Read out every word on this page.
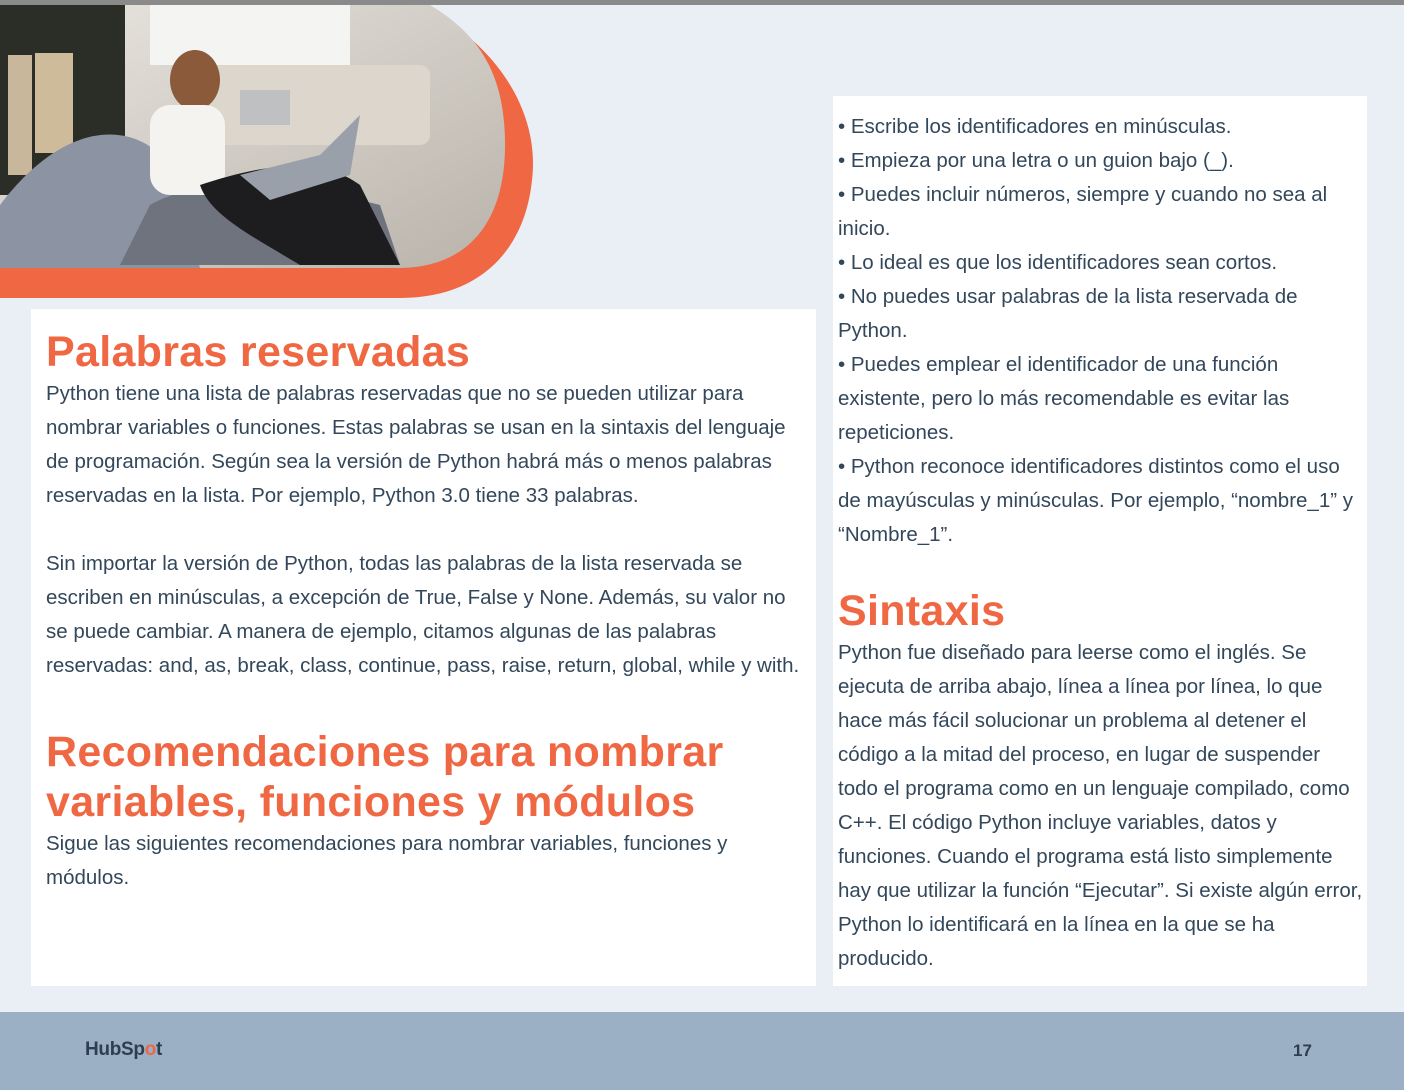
Palabras reservadas

Python tiene una lista de palabras reservadas que no se pueden utilizar para nombrar variables o funciones. Estas palabras se usan en la sintaxis del lenguaje de programación. Según sea la versión de Python habrá más o menos palabras reservadas en la lista. Por ejemplo, Python 3.0 tiene 33 palabras.

Sin importar la versión de Python, todas las palabras de la lista reservada se escriben en minúsculas, a excepción de True, False y None. Además, su valor no se puede cambiar. A manera de ejemplo, citamos algunas de las palabras reservadas: and, as, break, class, continue, pass, raise, return, global, while y with.

Recomendaciones para nombrar variables, funciones y módulos

Sigue las siguientes recomendaciones para nombrar variables, funciones y módulos.

• Escribe los identificadores en minúsculas.

• Empieza por una letra o un guion bajo (_).

• Puedes incluir números, siempre y cuando no sea al inicio.

• Lo ideal es que los identificadores sean cortos.

• No puedes usar palabras de la lista reservada de Python.

• Puedes emplear el identificador de una función existente, pero lo más recomendable es evitar las repeticiones.

• Python reconoce identificadores distintos como el uso de mayúsculas y minúsculas. Por ejemplo, “nombre_1” y “Nombre_1”.

Sintaxis

Python fue diseñado para leerse como el inglés. Se ejecuta de arriba abajo, línea a línea por línea, lo que hace más fácil solucionar un problema al detener el código a la mitad del proceso, en lugar de suspender todo el programa como en un lenguaje compilado, como C++. El código Python incluye variables, datos y funciones. Cuando el programa está listo simplemente hay que utilizar la función “Ejecutar”. Si existe algún error, Python lo identificará en la línea en la que se ha producido.

HubSpot	17
